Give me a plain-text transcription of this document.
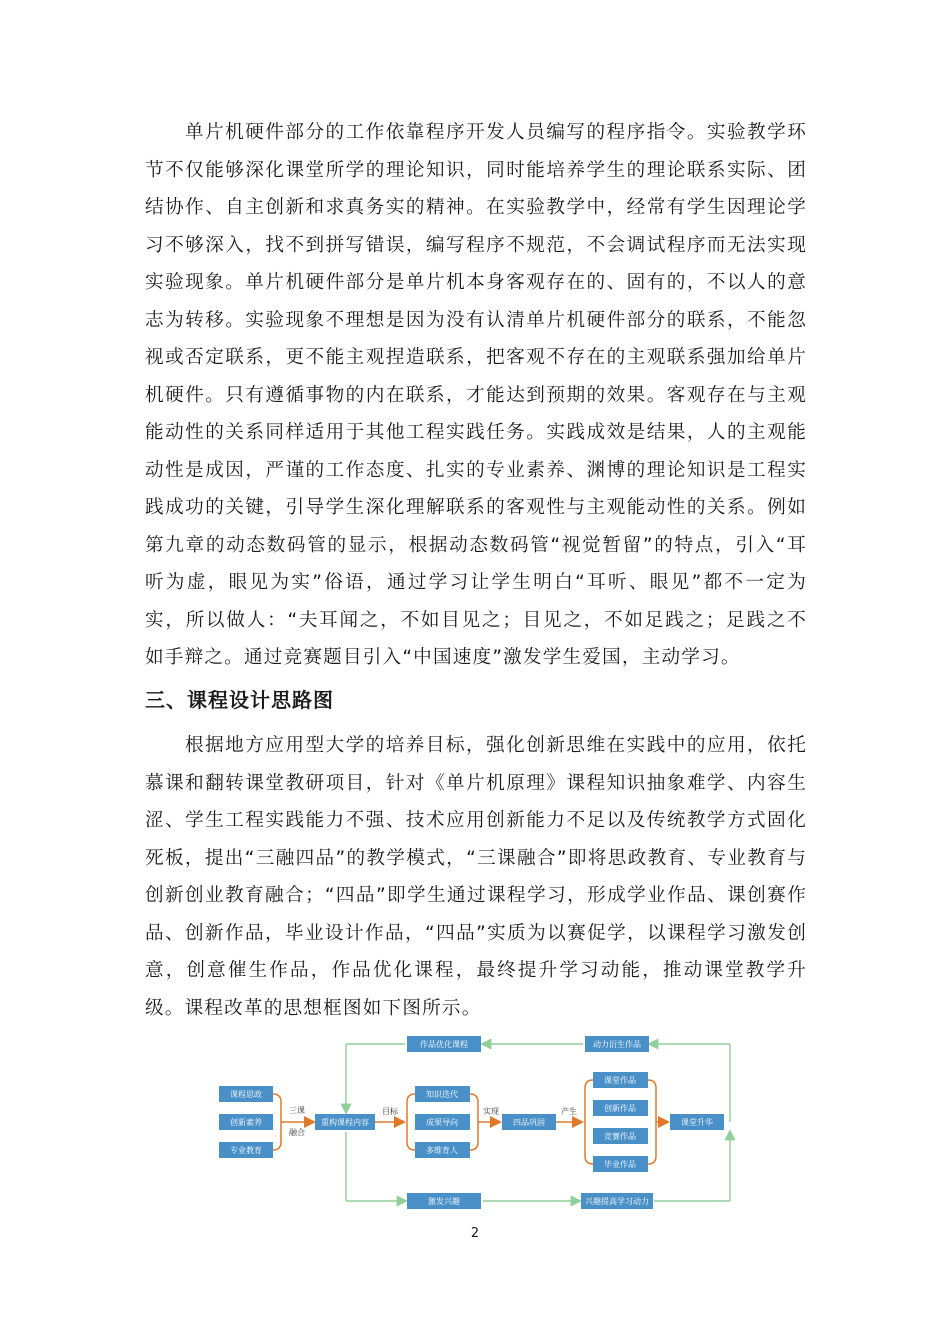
单片机硬件部分的工作依靠程序开发人员编写的程序指令。实验教学环节不仅能够深化课堂所学的理论知识，同时能培养学生的理论联系实际、团结协作、自主创新和求真务实的精神。在实验教学中，经常有学生因理论学习不够深入，找不到拼写错误，编写程序不规范，不会调试程序而无法实现实验现象。单片机硬件部分是单片机本身客观存在的、固有的，不以人的意志为转移。实验现象不理想是因为没有认清单片机硬件部分的联系，不能忽视或否定联系，更不能主观捏造联系，把客观不存在的主观联系强加给单片机硬件。只有遵循事物的内在联系，才能达到预期的效果。客观存在与主观能动性的关系同样适用于其他工程实践任务。实践成效是结果，人的主观能动性是成因，严谨的工作态度、扎实的专业素养、渊博的理论知识是工程实践成功的关键，引导学生深化理解联系的客观性与主观能动性的关系。例如第九章的动态数码管的显示，根据动态数码管“视觉暂留”的特点，引入“耳听为虚，眼见为实”俗语，通过学习让学生明白“耳听、眼见”都不一定为实，所以做人：“夫耳闻之，不如目见之；目见之，不如足践之；足践之不如手辩之。通过竞赛题目引入“中国速度”激发学生爱国，主动学习。

三、课程设计思路图

根据地方应用型大学的培养目标，强化创新思维在实践中的应用，依托慕课和翻转课堂教研项目，针对《单片机原理》课程知识抽象难学、内容生涩、学生工程实践能力不强、技术应用创新能力不足以及传统教学方式固化死板，提出“三融四品”的教学模式，“三课融合”即将思政教育、专业教育与创新创业教育融合；“四品”即学生通过课程学习，形成学业作品、课创赛作品、创新作品，毕业设计作品，“四品”实质为以赛促学，以课程学习激发创意，创意催生作品，作品优化课程，最终提升学习动能，推动课堂教学升级。课程改革的思想框图如下图所示。

作品优化课程	动力衍生作品
课程思政
创新素养
专业教育
三课
融合
重构课程内容
目标
知识迭代
成果导向
多维育人
实现
四品巩固
产生
课堂作品
创新作品
竞赛作品
毕业作品
课堂升华
激发兴趣	兴趣提高学习动力
2
